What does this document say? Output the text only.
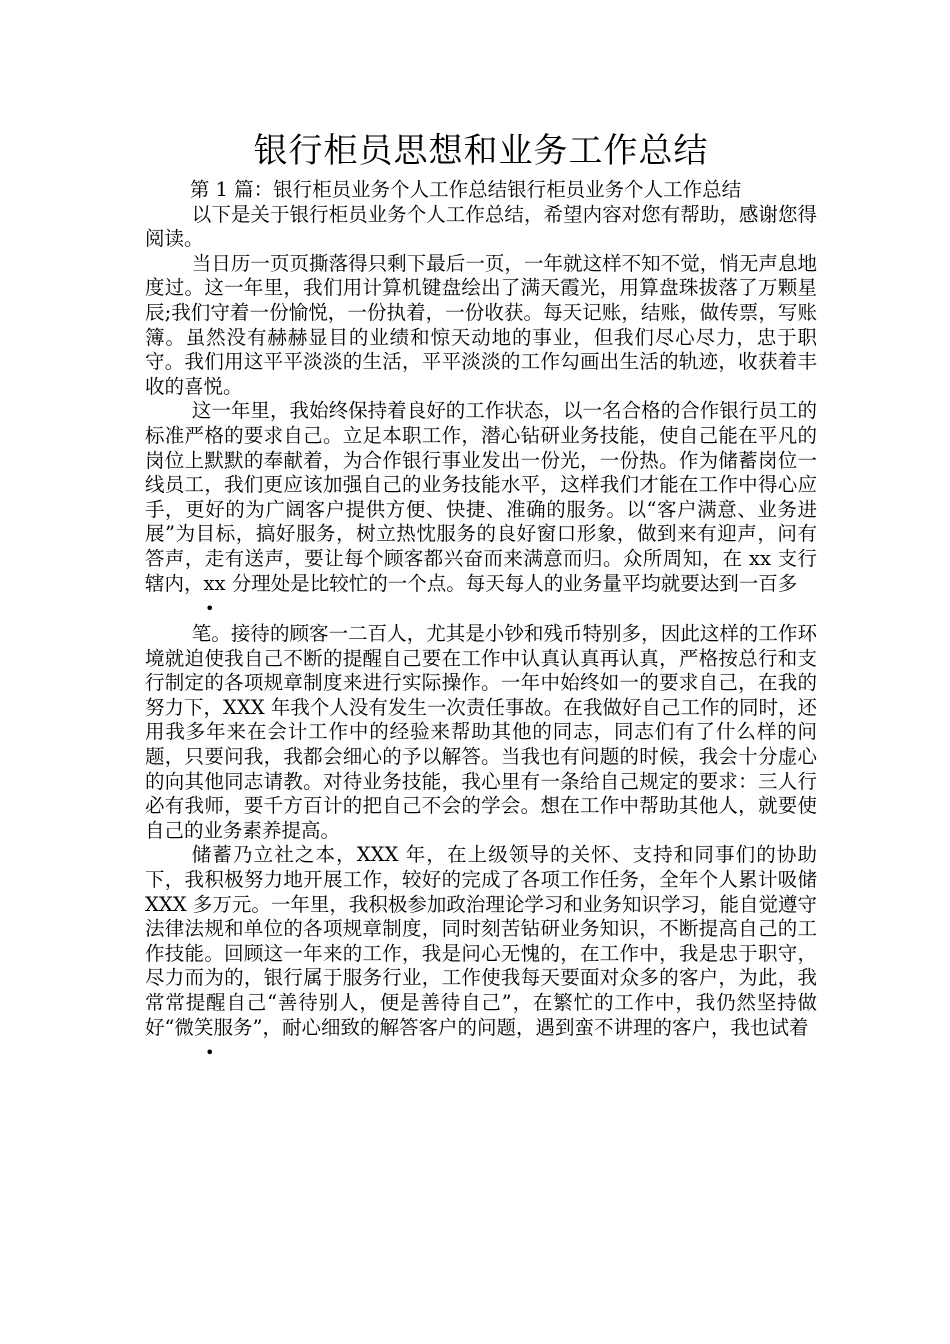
银行柜员思想和业务工作总结

第 1 篇：银行柜员业务个人工作总结银行柜员业务个人工作总结

以下是关于银行柜员业务个人工作总结，希望内容对您有帮助，感谢您得阅读。

当日历一页页撕落得只剩下最后一页，一年就这样不知不觉，悄无声息地度过。这一年里，我们用计算机键盘绘出了满天霞光，用算盘珠拔落了万颗星辰;我们守着一份愉悦，一份执着，一份收获。每天记账，结账，做传票，写账簿。虽然没有赫赫显目的业绩和惊天动地的事业，但我们尽心尽力，忠于职守。我们用这平平淡淡的生活，平平淡淡的工作勾画出生活的轨迹，收获着丰收的喜悦。

这一年里，我始终保持着良好的工作状态，以一名合格的合作银行员工的标准严格的要求自己。立足本职工作，潜心钻研业务技能，使自己能在平凡的岗位上默默的奉献着，为合作银行事业发出一份光，一份热。作为储蓄岗位一线员工，我们更应该加强自己的业务技能水平，这样我们才能在工作中得心应手，更好的为广阔客户提供方便、快捷、准确的服务。以“客户满意、业务进展”为目标，搞好服务，树立热忱服务的良好窗口形象，做到来有迎声，问有答声，走有送声，要让每个顾客都兴奋而来满意而归。众所周知，在 xx 支行辖内，xx 分理处是比较忙的一个点。每天每人的业务量平均就要达到一百多

•

笔。接待的顾客一二百人，尤其是小钞和残币特别多，因此这样的工作环境就迫使我自己不断的提醒自己要在工作中认真认真再认真，严格按总行和支行制定的各项规章制度来进行实际操作。一年中始终如一的要求自己，在我的努力下，XXX 年我个人没有发生一次责任事故。在我做好自己工作的同时，还用我多年来在会计工作中的经验来帮助其他的同志，同志们有了什么样的问题，只要问我，我都会细心的予以解答。当我也有问题的时候，我会十分虚心的向其他同志请教。对待业务技能，我心里有一条给自己规定的要求：三人行必有我师，要千方百计的把自己不会的学会。想在工作中帮助其他人，就要使自己的业务素养提高。

储蓄乃立社之本，XXX 年，在上级领导的关怀、支持和同事们的协助下，我积极努力地开展工作，较好的完成了各项工作任务，全年个人累计吸储 XXX 多万元。一年里，我积极参加政治理论学习和业务知识学习，能自觉遵守法律法规和单位的各项规章制度，同时刻苦钻研业务知识，不断提高自己的工作技能。回顾这一年来的工作，我是问心无愧的，在工作中，我是忠于职守，尽力而为的，银行属于服务行业，工作使我每天要面对众多的客户，为此，我常常提醒自己“善待别人，便是善待自己”，在繁忙的工作中，我仍然坚持做好“微笑服务”，耐心细致的解答客户的问题，遇到蛮不讲理的客户，我也试着

•
